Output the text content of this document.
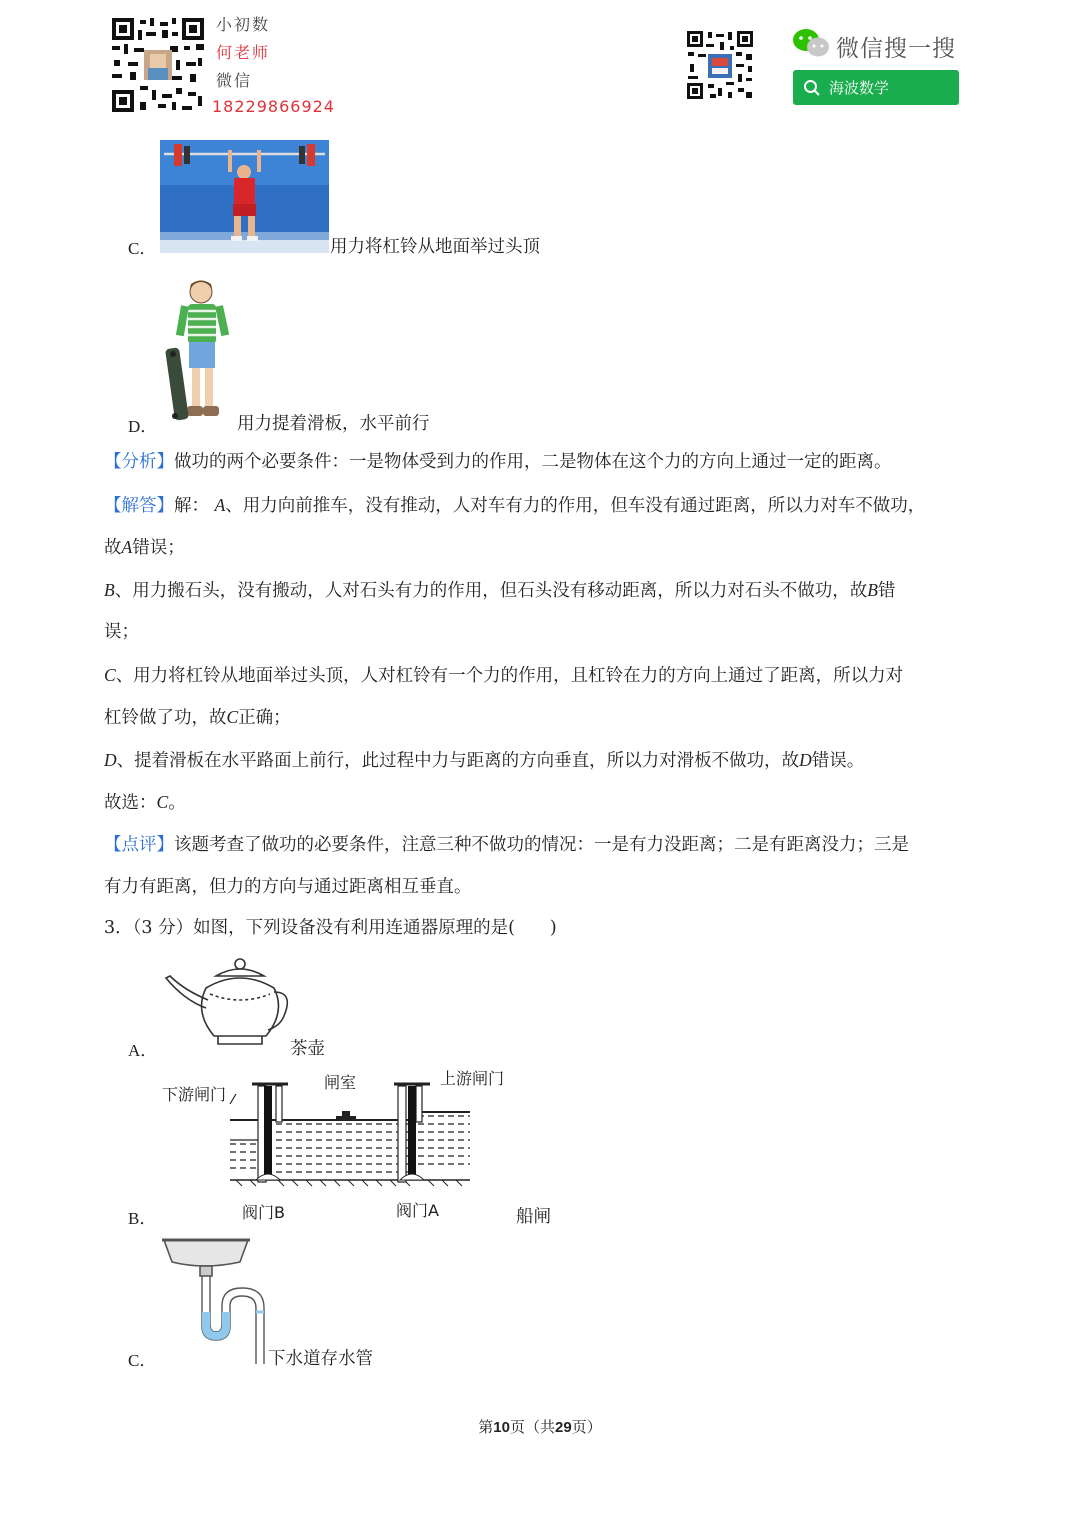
小初数
何老师
微信
18229866924
微信搜一搜
海波数学
C．	用力将杠铃从地面举过头顶
D．	用力提着滑板，水平前行
【分析】做功的两个必要条件：一是物体受到力的作用，二是物体在这个力的方向上通过一定的距离。
【解答】解： A、用力向前推车，没有推动，人对车有力的作用，但车没有通过距离，所以力对车不做功，
故A错误；
B、用力搬石头，没有搬动，人对石头有力的作用，但石头没有移动距离，所以力对石头不做功，故B错
误；
C、用力将杠铃从地面举过头顶，人对杠铃有一个力的作用，且杠铃在力的方向上通过了距离，所以力对
杠铃做了功，故C正确；
D、提着滑板在水平路面上前行，此过程中力与距离的方向垂直，所以力对滑板不做功，故D错误。
故选：C。
【点评】该题考查了做功的必要条件，注意三种不做功的情况：一是有力没距离；二是有距离没力；三是
有力有距离，但力的方向与通过距离相互垂直。
3．（3 分）如图，下列设备没有利用连通器原理的是(　　)
A．	茶壶
下游闸门
闸室	上游闸门
阀门B	阀门A
B．	船闸
C．	下水道存水管
第10页（共29页）
